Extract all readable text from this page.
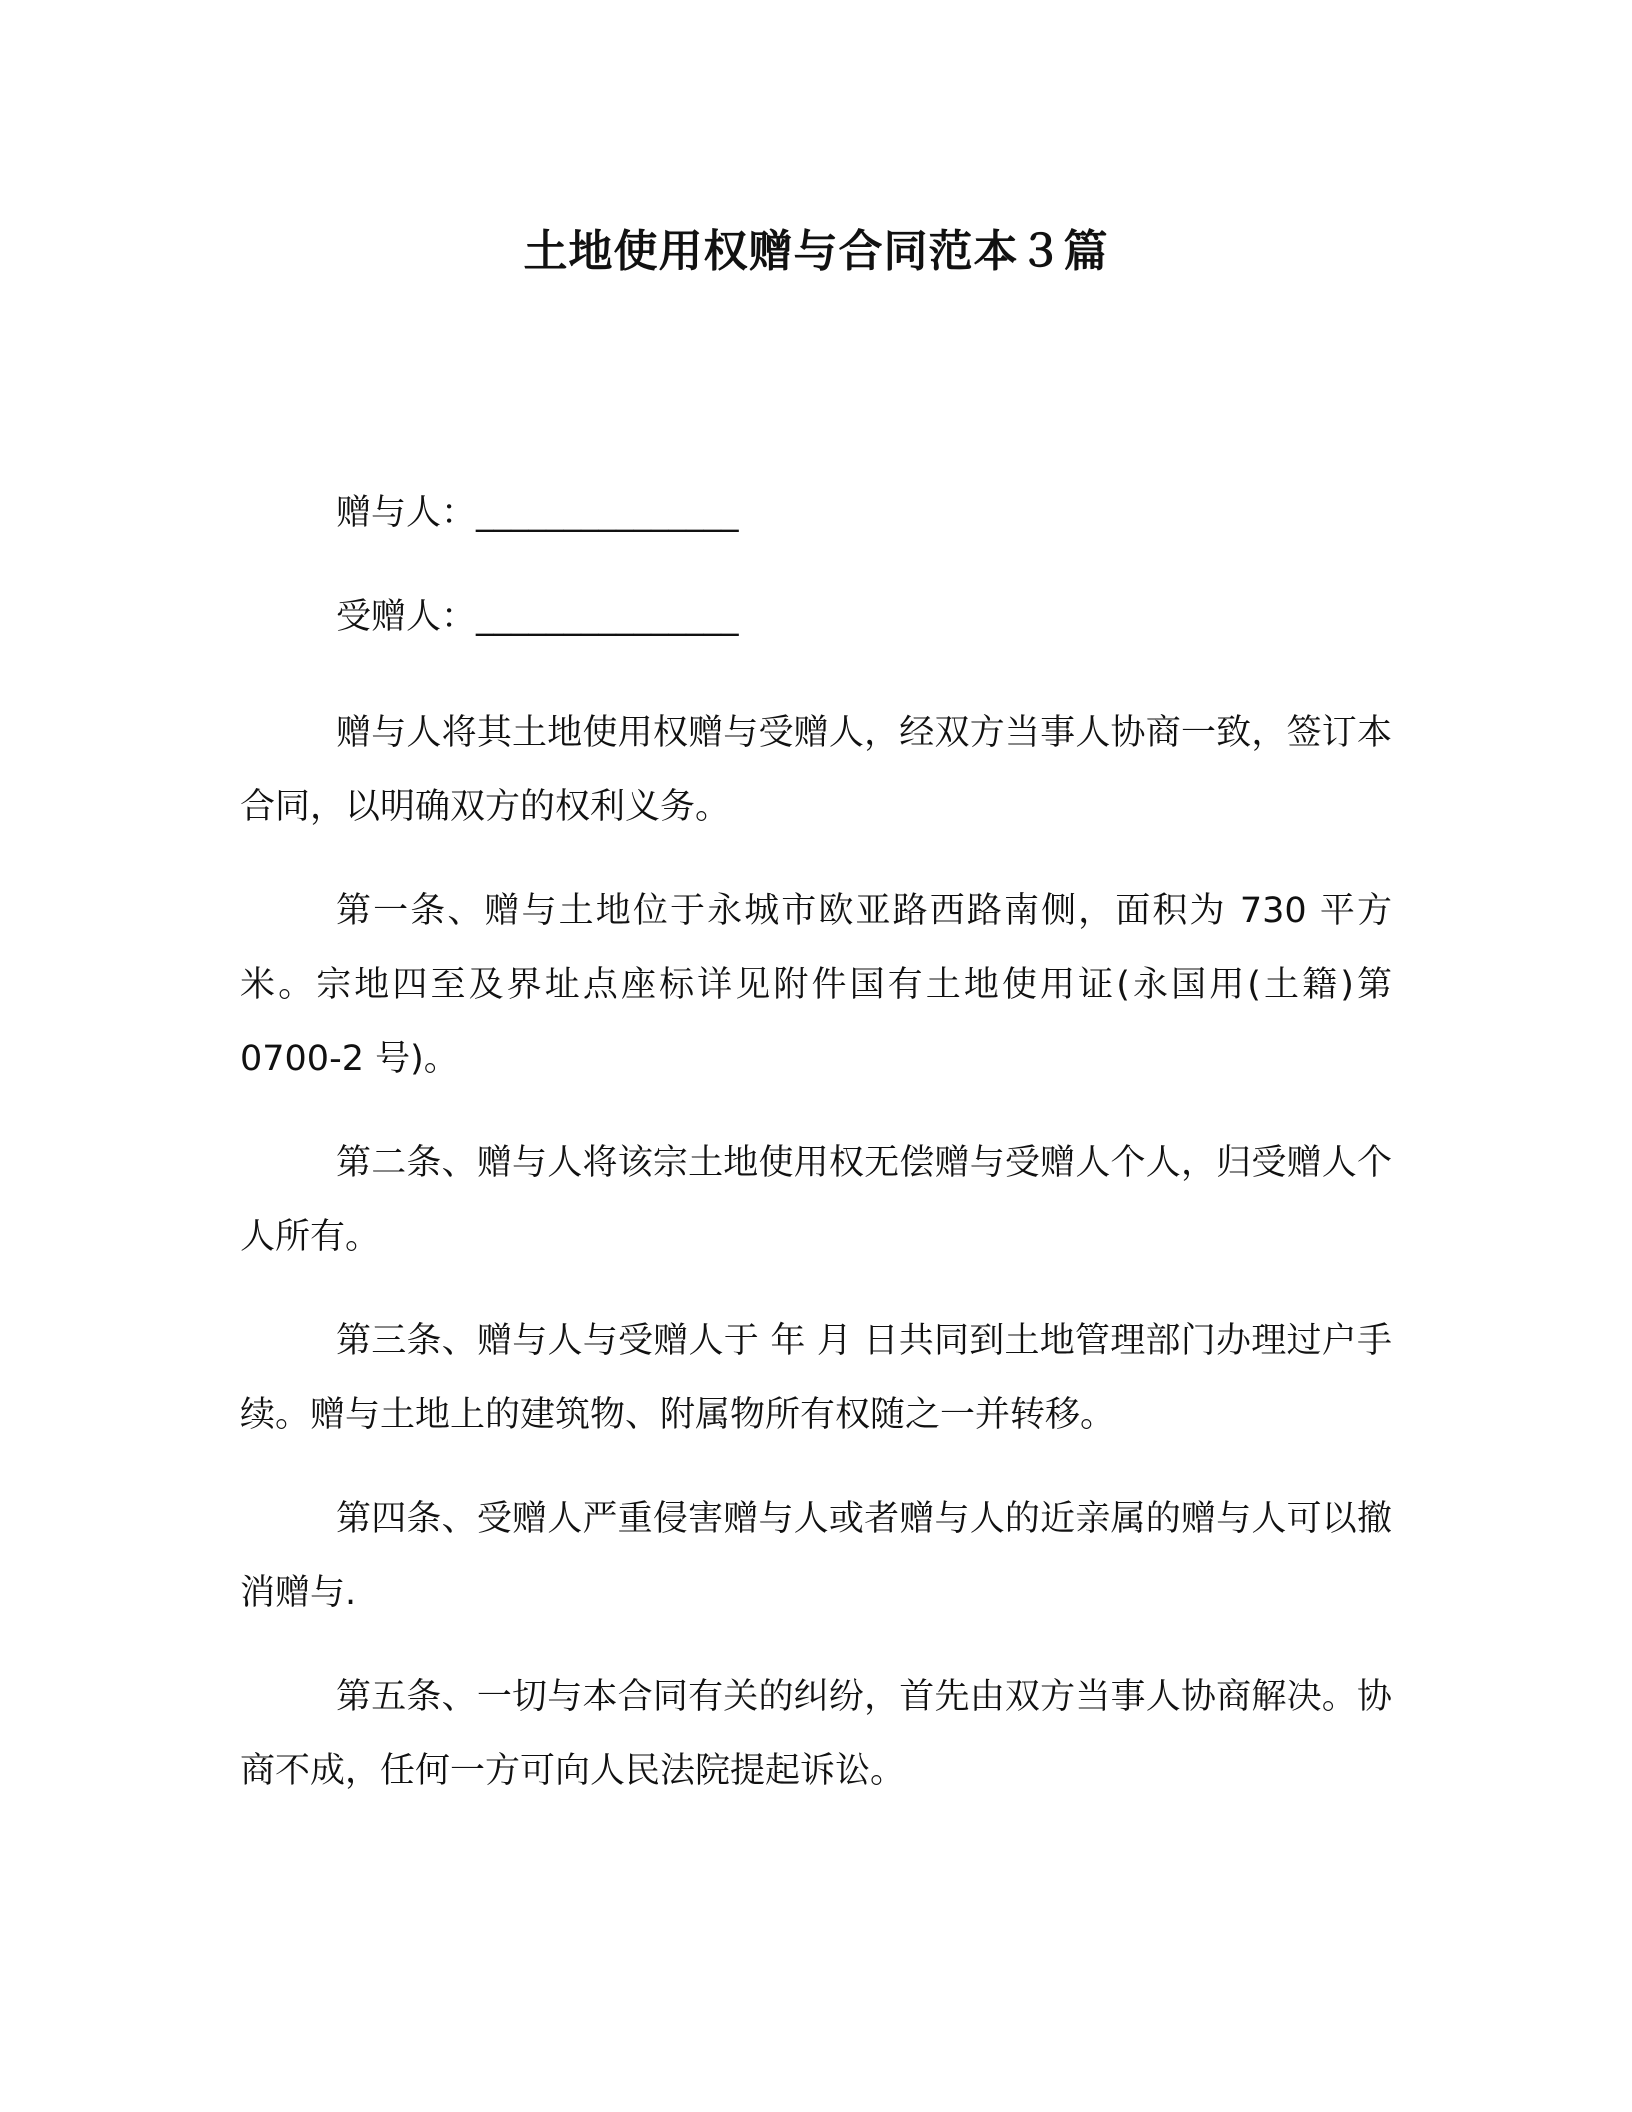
土地使用权赠与合同范本３篇

赠与人：_______________

受赠人：_______________

赠与人将其土地使用权赠与受赠人，经双方当事人协商一致，签订本合同，以明确双方的权利义务。

第一条、赠与土地位于永城市欧亚路西路南侧，面积为 730 平方米。宗地四至及界址点座标详见附件国有土地使用证(永国用(土籍)第 0700-2 号)。

第二条、赠与人将该宗土地使用权无偿赠与受赠人个人，归受赠人个人所有。

第三条、赠与人与受赠人于 年 月 日共同到土地管理部门办理过户手续。赠与土地上的建筑物、附属物所有权随之一并转移。

第四条、受赠人严重侵害赠与人或者赠与人的近亲属的赠与人可以撤消赠与.

第五条、一切与本合同有关的纠纷，首先由双方当事人协商解决。协商不成，任何一方可向人民法院提起诉讼。
